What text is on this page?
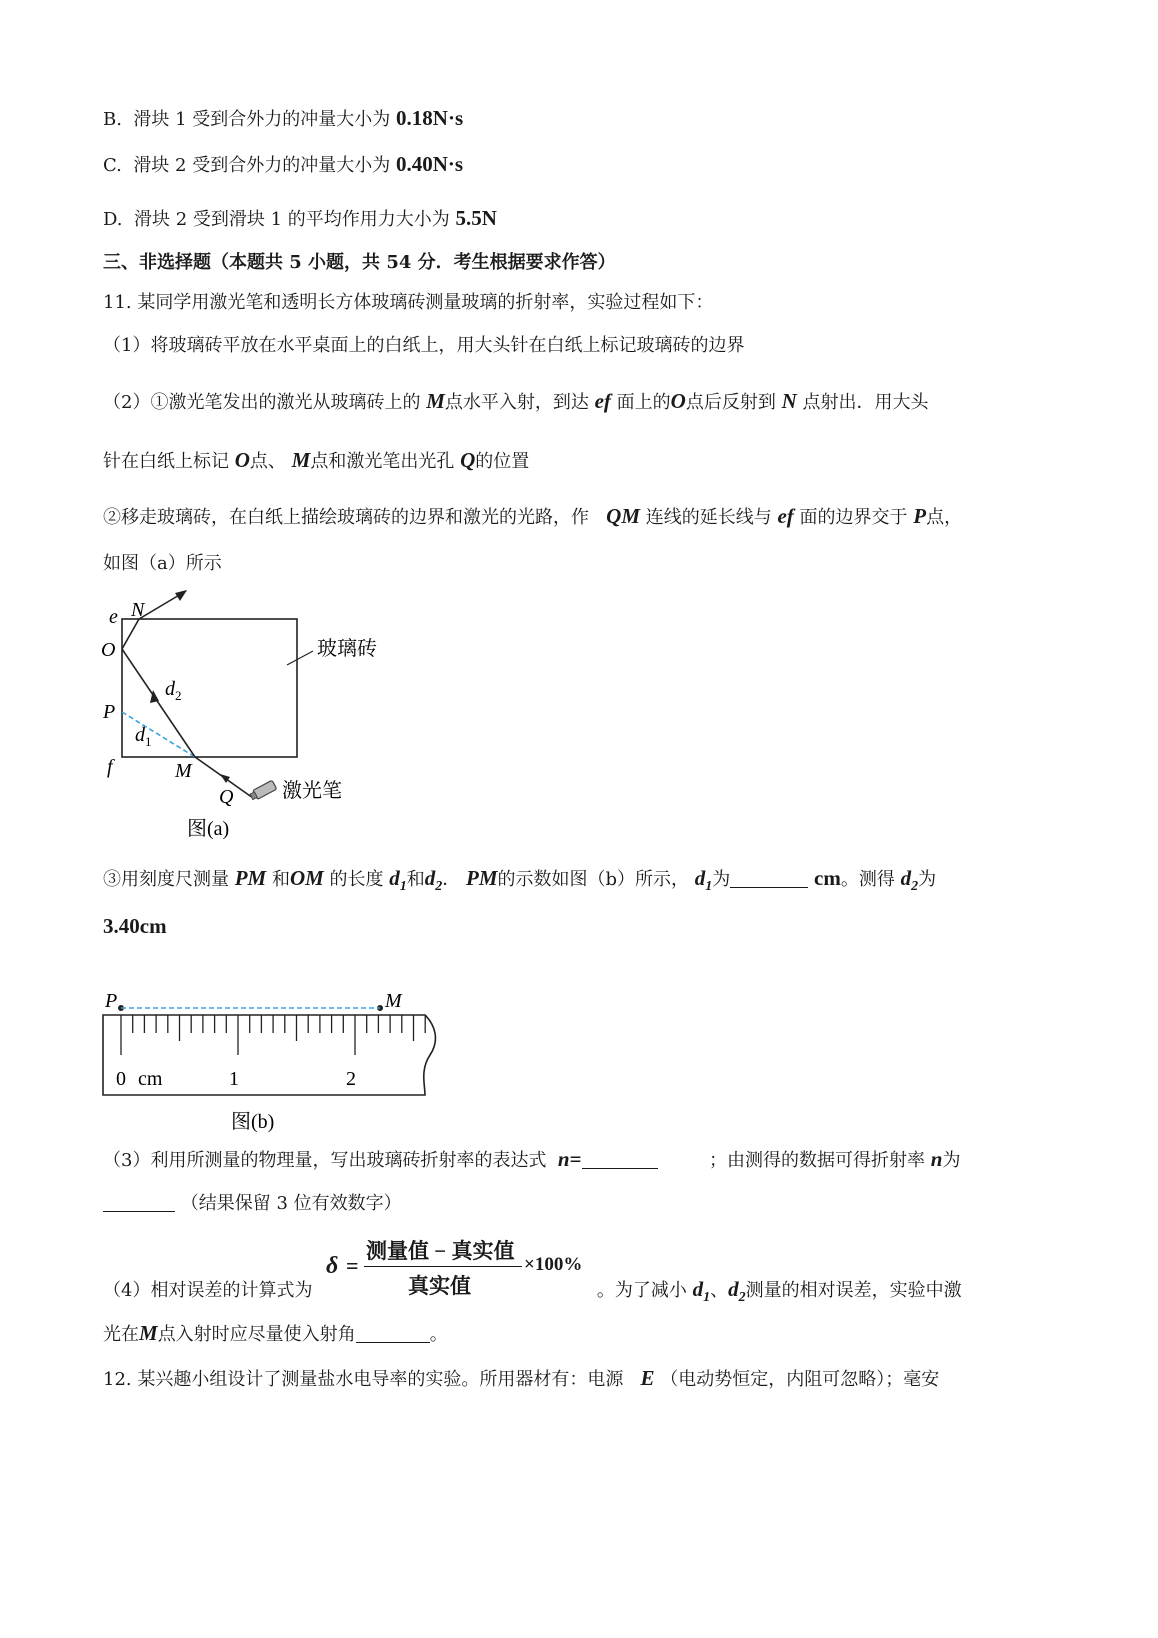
B. 滑块 1 受到合外力的冲量大小为 0.18N·s
C. 滑块 2 受到合外力的冲量大小为 0.40N·s
D. 滑块 2 受到滑块 1 的平均作用力大小为 5.5N
三、非选择题（本题共 5 小题，共 54 分．考生根据要求作答）
11. 某同学用激光笔和透明长方体玻璃砖测量玻璃的折射率，实验过程如下：
（1）将玻璃砖平放在水平桌面上的白纸上，用大头针在白纸上标记玻璃砖的边界
（2）①激光笔发出的激光从玻璃砖上的 M点水平入射，到达 ef 面上的O点后反射到 N 点射出．用大头
针在白纸上标记 O点、 M点和激光笔出光孔 Q的位置
②移走玻璃砖，在白纸上描绘玻璃砖的边界和激光的光路，作 QM 连线的延长线与 ef 面的边界交于 P点，
如图（a）所示
e N
O
P
f	M
Q
$d_2$
$d_1$
玻璃砖
激光笔
图(a)
③用刻度尺测量 PM 和OM 的长度 $d_1$和$d_2$． PM的示数如图（b）所示， $d_1$为	cm。测得 $d_2$为
3.40cm
P	M
0 cm	1	2
图(b)
（3）利用所测量的物理量，写出玻璃砖折射率的表达式 n=	；由测得的数据可得折射率 n为
（结果保留 3 位有效数字）
δ =
测量值 − 真实值
真实值
×100%
（4）相对误差的计算式为	。为了减小 $d_1$、$d_2$测量的相对误差，实验中激
光在M点入射时应尽量使入射角	。
12. 某兴趣小组设计了测量盐水电导率的实验。所用器材有：电源 E （电动势恒定，内阻可忽略）；毫安
